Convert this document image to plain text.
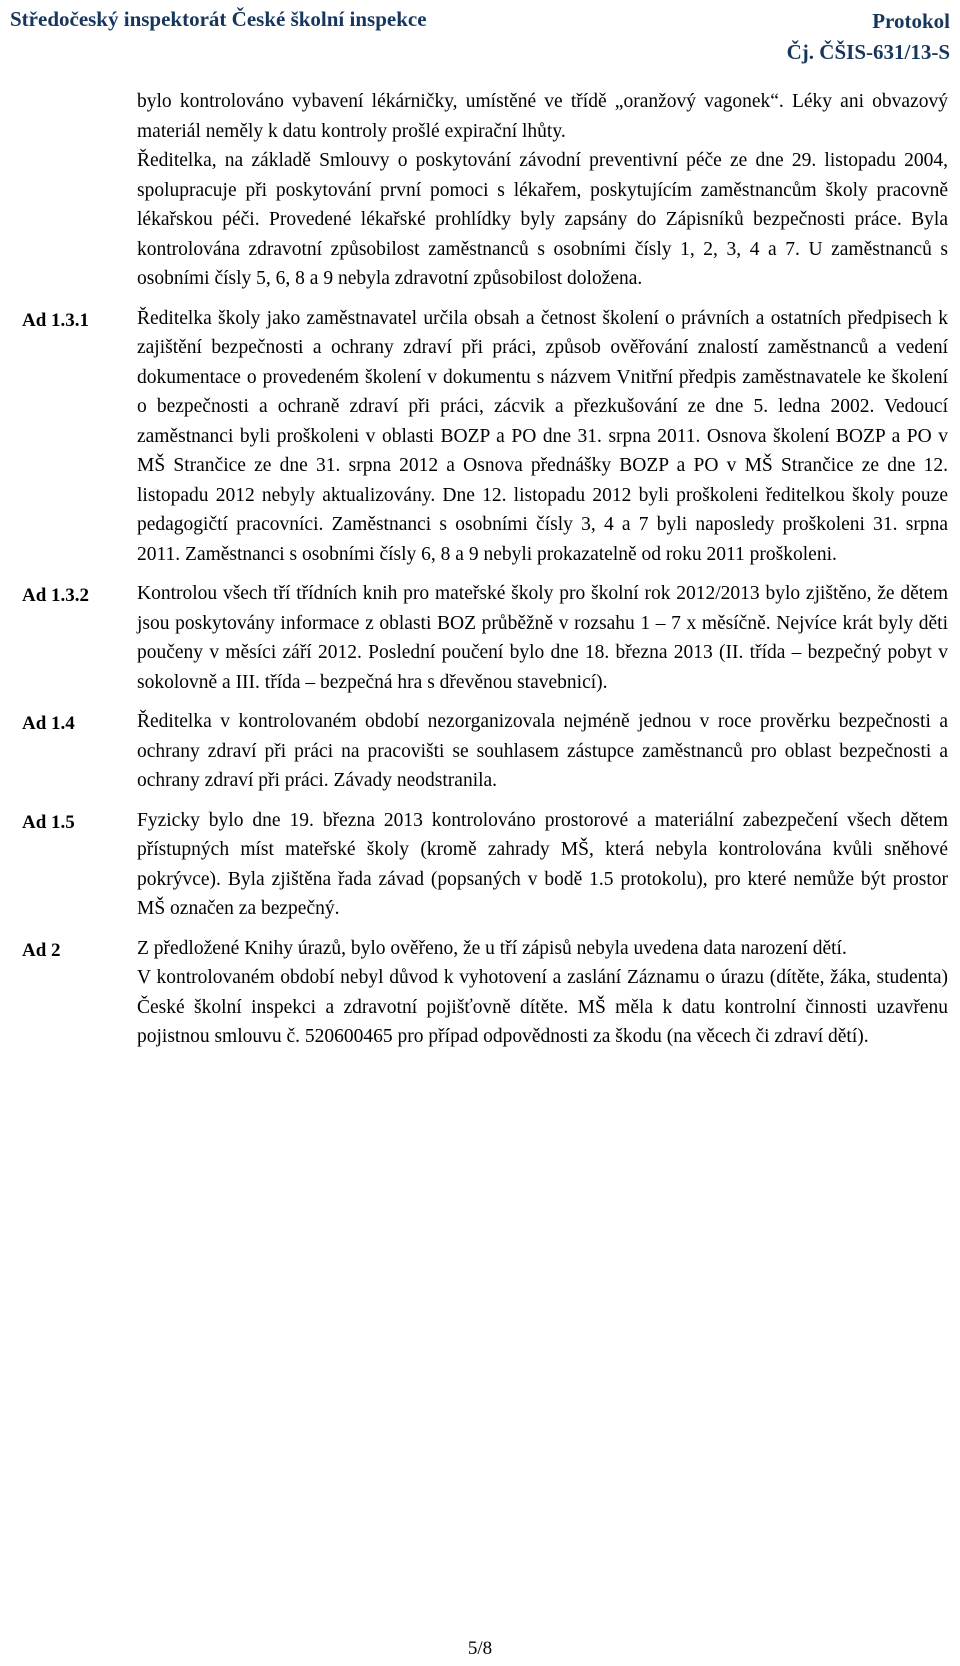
Středočeský inspektorát České školní inspekce	Protokol
Čj. ČŠIS-631/13-S

bylo kontrolováno vybavení lékárničky, umístěné ve třídě „oranžový vagonek“. Léky ani obvazový materiál neměly k datu kontroly prošlé expirační lhůty.

Ředitelka, na základě Smlouvy o poskytování závodní preventivní péče ze dne 29. listopadu 2004, spolupracuje při poskytování první pomoci s lékařem, poskytujícím zaměstnancům školy pracovně lékařskou péči. Provedené lékařské prohlídky byly zapsány do Zápisníků bezpečnosti práce. Byla kontrolována zdravotní způsobilost zaměstnanců s osobními čísly 1, 2, 3, 4 a 7. U zaměstnanců s osobními čísly 5, 6, 8 a 9 nebyla zdravotní způsobilost doložena.

Ad 1.3.1	Ředitelka školy jako zaměstnavatel určila obsah a četnost školení o právních a ostatních předpisech k zajištění bezpečnosti a ochrany zdraví při práci, způsob ověřování znalostí zaměstnanců a vedení dokumentace o provedeném školení v dokumentu s názvem Vnitřní předpis zaměstnavatele ke školení o bezpečnosti a ochraně zdraví při práci, zácvik a přezkušování ze dne 5. ledna 2002. Vedoucí zaměstnanci byli proškoleni v oblasti BOZP a PO dne 31. srpna 2011. Osnova školení BOZP a PO v MŠ Strančice ze dne 31. srpna 2012 a Osnova přednášky BOZP a PO v MŠ Strančice ze dne 12. listopadu 2012 nebyly aktualizovány. Dne 12. listopadu 2012 byli proškoleni ředitelkou školy pouze pedagogičtí pracovníci. Zaměstnanci s osobními čísly 3, 4 a 7 byli naposledy proškoleni 31. srpna 2011. Zaměstnanci s osobními čísly 6, 8 a 9 nebyli prokazatelně od roku 2011 proškoleni.

Ad 1.3.2	Kontrolou všech tří třídních knih pro mateřské školy pro školní rok 2012/2013 bylo zjištěno, že dětem jsou poskytovány informace z oblasti BOZ průběžně v rozsahu 1 – 7 x měsíčně. Nejvíce krát byly děti poučeny v měsíci září 2012. Poslední poučení bylo dne 18. března 2013 (II. třída – bezpečný pobyt v sokolovně a III. třída – bezpečná hra s dřevěnou stavebnicí).

Ad 1.4	Ředitelka v kontrolovaném období nezorganizovala nejméně jednou v roce prověrku bezpečnosti a ochrany zdraví při práci na pracovišti se souhlasem zástupce zaměstnanců pro oblast bezpečnosti a ochrany zdraví při práci. Závady neodstranila.

Ad 1.5	Fyzicky bylo dne 19. března 2013 kontrolováno prostorové a materiální zabezpečení všech dětem přístupných míst mateřské školy (kromě zahrady MŠ, která nebyla kontrolována kvůli sněhové pokrývce). Byla zjištěna řada závad (popsaných v bodě 1.5 protokolu), pro které nemůže být prostor MŠ označen za bezpečný.

Ad 2	Z předložené Knihy úrazů, bylo ověřeno, že u tří zápisů nebyla uvedena data narození dětí.

V kontrolovaném období nebyl důvod k vyhotovení a zaslání Záznamu o úrazu (dítěte, žáka, studenta) České školní inspekci a zdravotní pojišťovně dítěte. MŠ měla k datu kontrolní činnosti uzavřenu pojistnou smlouvu č. 520600465 pro případ odpovědnosti za škodu (na věcech či zdraví dětí).

5/8
